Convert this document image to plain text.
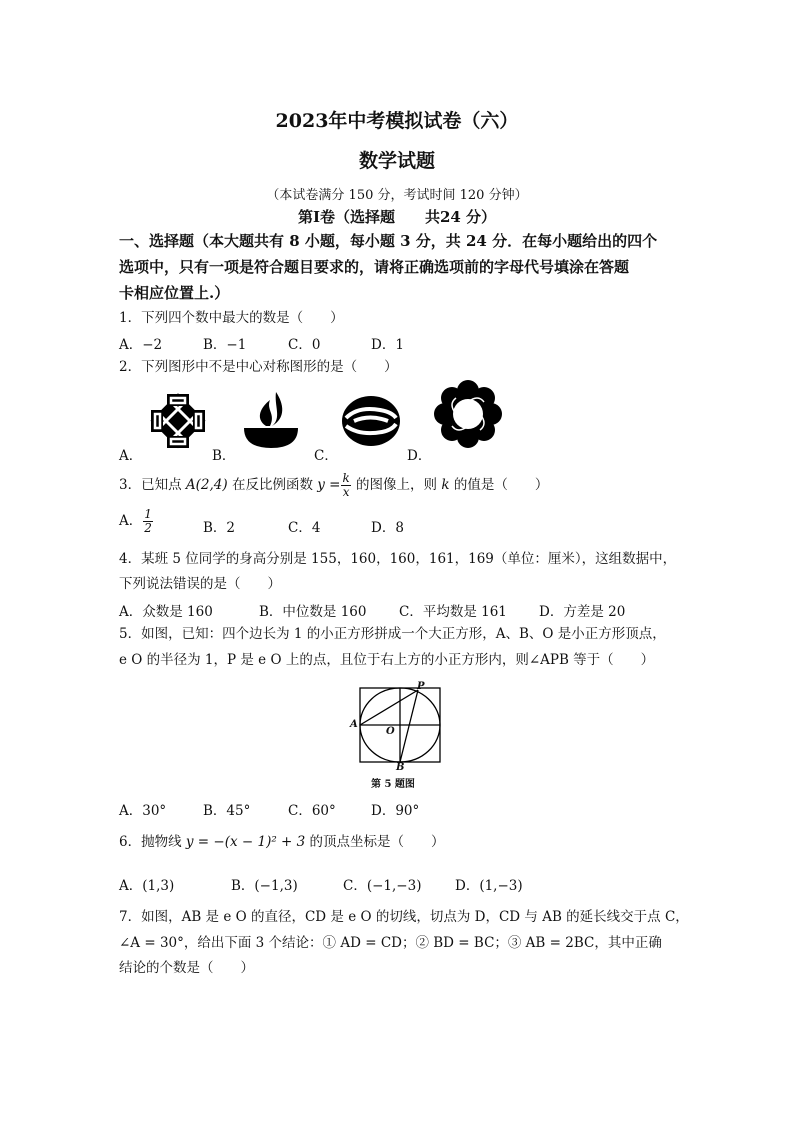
2023年中考模拟试卷（六）
数学试题
（本试卷满分 150 分，考试时间 120 分钟）
第Ⅰ卷（选择题　　共24 分）
一、选择题（本大题共有 8 小题，每小题 3 分，共 24 分．在每小题给出的四个
选项中，只有一项是符合题目要求的，请将正确选项前的字母代号填涂在答题
卡相应位置上.）
1．下列四个数中最大的数是（　　）
A．−2	B．−1	C．0	D．1
2．下列图形中不是中心对称图形的是（　　）
A．	B．	C．	D．
3．已知点 A(2,4) 在反比例函数 $y = \frac{k}{x}$ 的图像上，则 k 的值是（　　）
A． $\frac{1}{2}$	B．2	C．4	D．8
4．某班 5 位同学的身高分别是 155，160，160，161，169（单位：厘米），这组数据中，
下列说法错误的是（　　）
A．众数是 160	B．中位数是 160 C．平均数是 161 D．方差是 20
5．如图，已知：四个边长为 1 的小正方形拼成一个大正方形，A、B、O 是小正方形顶点，
e O 的半径为 1，P 是 e O 上的点，且位于右上方的小正方形内，则∠APB 等于（　　）
P
A
O
B
第 5 题图
A．30°	B．45°	C．60°	D．90°
6．抛物线 y = −(x − 1)² + 3 的顶点坐标是（　　）
A．(1,3)	B．(−1,3)	C．(−1,−3) D．(1,−3)
7．如图，AB 是 e O 的直径，CD 是 e O 的切线，切点为 D，CD 与 AB 的延长线交于点 C，
∠A = 30°，给出下面 3 个结论：① AD = CD；② BD = BC；③ AB = 2BC，其中正确
结论的个数是（　　）
